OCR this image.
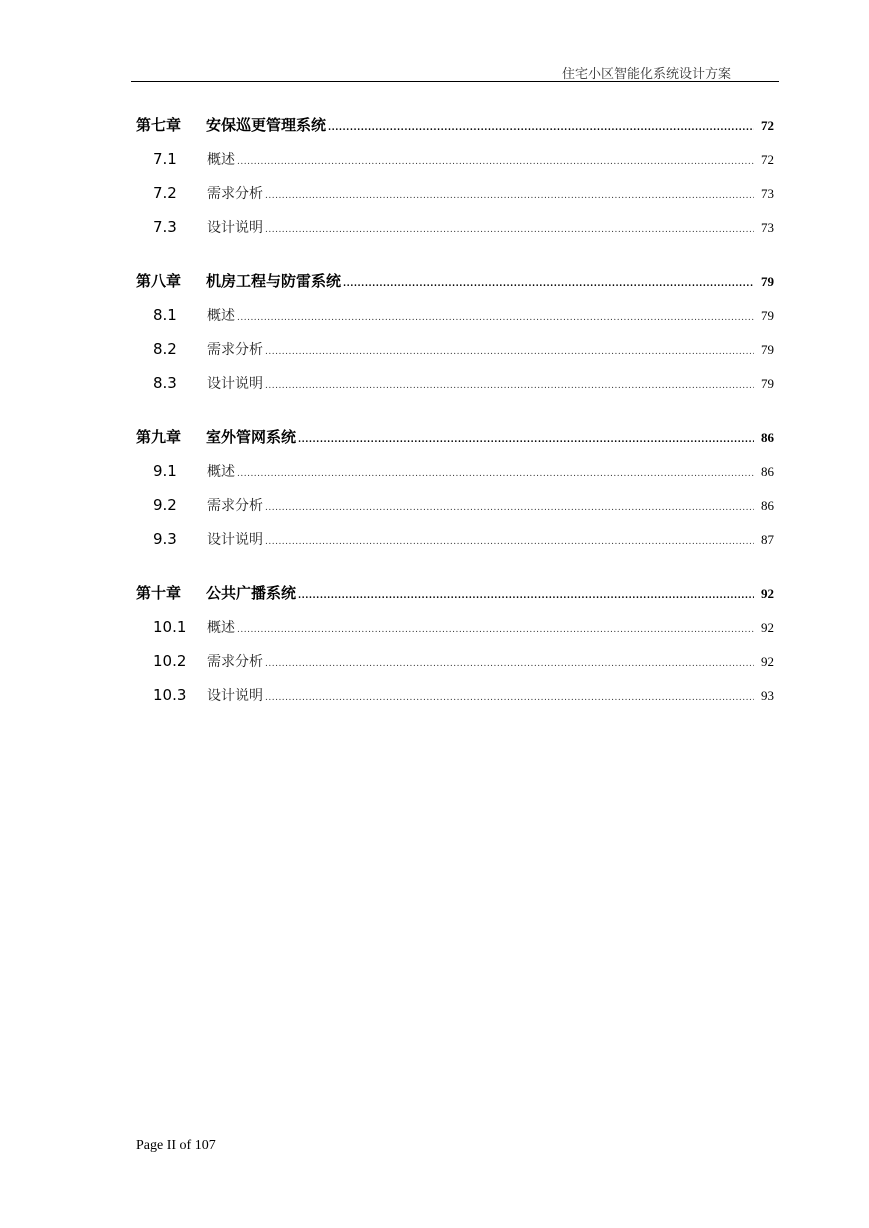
住宅小区智能化系统设计方案
第七章	安保巡更管理系统 .....	72
7.1	概述 .....	72
7.2	需求分析 .....	73
7.3	设计说明 .....	73
第八章	机房工程与防雷系统 .....	79
8.1	概述 .....	79
8.2	需求分析 .....	79
8.3	设计说明 .....	79
第九章	室外管网系统 .....	86
9.1	概述 .....	86
9.2	需求分析 .....	86
9.3	设计说明 .....	87
第十章	公共广播系统 .....	92
10.1	概述 .....	92
10.2	需求分析 .....	92
10.3	设计说明 .....	93
Page II of 107
